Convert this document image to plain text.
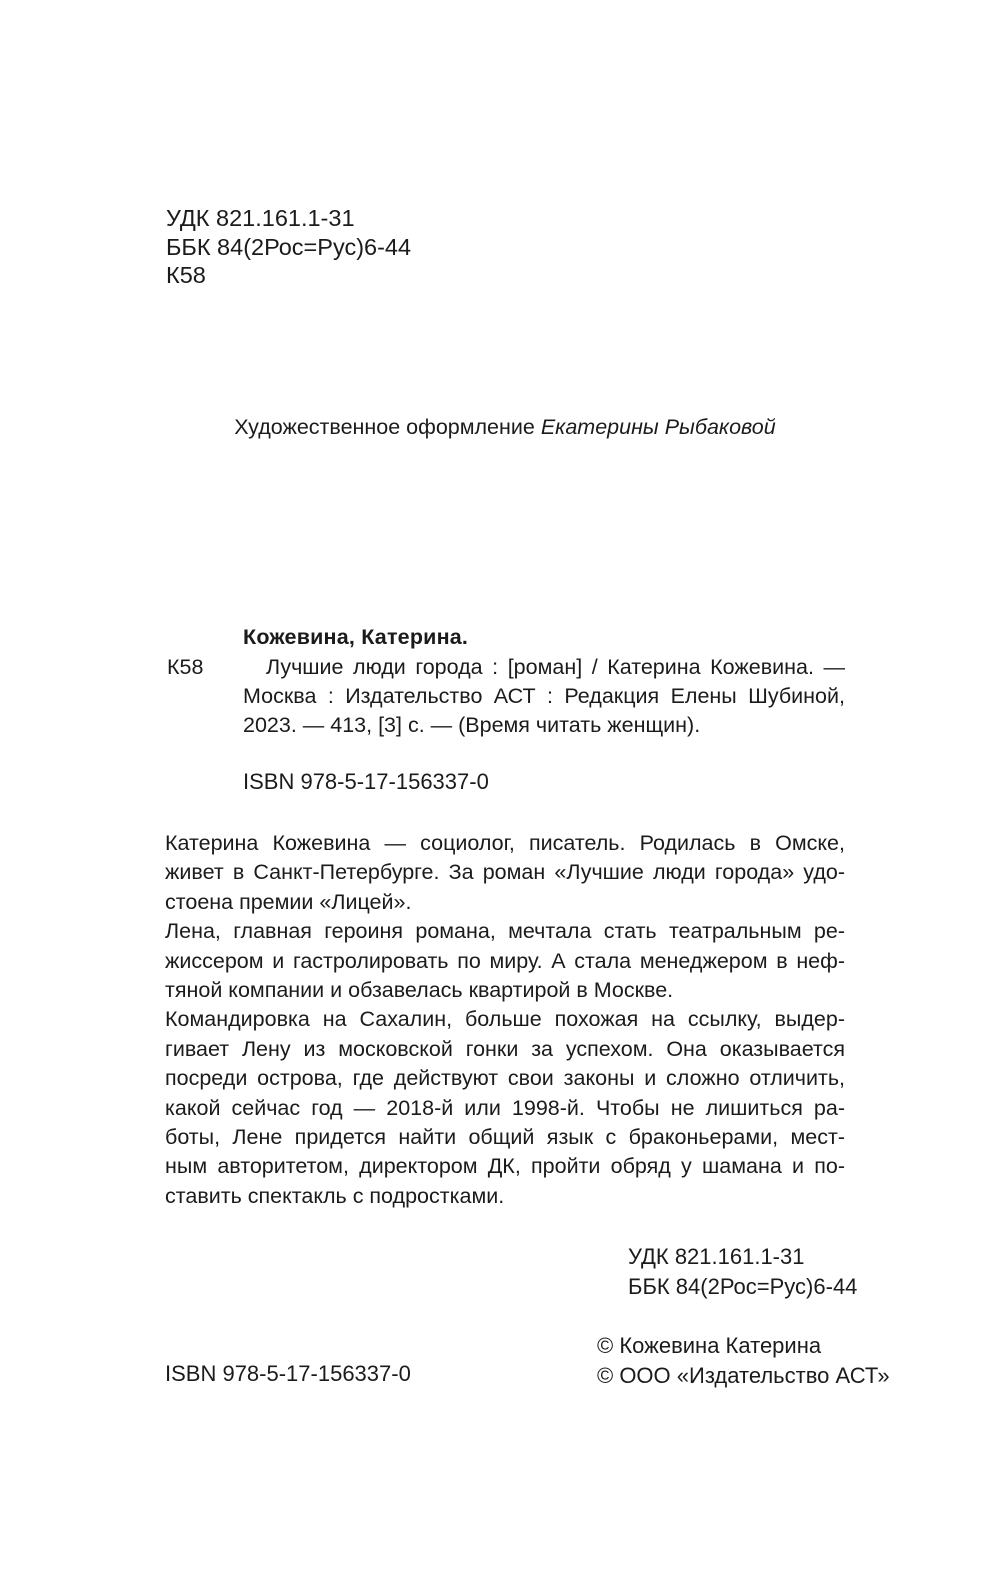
УДК 821.161.1-31
ББК 84(2Рос=Рус)6-44
К58
Художественное оформление Екатерины Рыбаковой
Кожевина, Катерина.
К58	Лучшие люди города : [роман] / Катерина Кожевина. —
Москва : Издательство АСТ : Редакция Елены Шубиной,
2023. — 413, [3] с. — (Время читать женщин).
ISBN 978-5-17-156337-0
Катерина Кожевина — социолог, писатель. Родилась в Омске,
живет в Санкт-Петербурге. За роман «Лучшие люди города» удо-
стоена премии «Лицей».
Лена, главная героиня романа, мечтала стать театральным ре-
жиссером и гастролировать по миру. А стала менеджером в неф-
тяной компании и обзавелась квартирой в Москве.
Командировка на Сахалин, больше похожая на ссылку, выдер-
гивает Лену из московской гонки за успехом. Она оказывается
посреди острова, где действуют свои законы и сложно отличить,
какой сейчас год — 2018-й или 1998-й. Чтобы не лишиться ра-
боты, Лене придется найти общий язык с браконьерами, мест-
ным авторитетом, директором ДК, пройти обряд у шамана и по-
ставить спектакль с подростками.
УДК 821.161.1-31
ББК 84(2Рос=Рус)6-44
© Кожевина Катерина
© ООО «Издательство АСТ»
ISBN 978-5-17-156337-0
